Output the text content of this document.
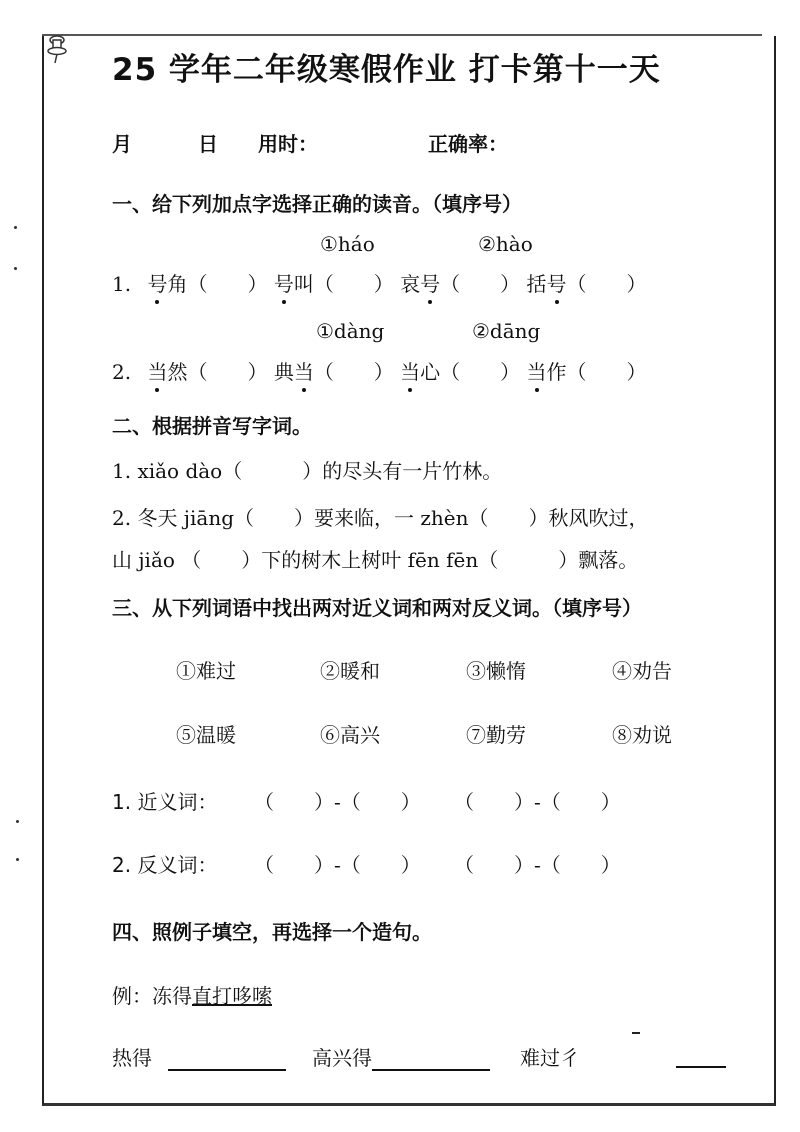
25 学年二年级寒假作业 打卡第十一天
月	日 用时：	正确率：
一、给下列加点字选择正确的读音。（填序号）
①háo	②hào
1. 号角（　　） 号叫（　　） 哀号（　　） 括号（　　）
①dàng	②dāng
2. 当然（　　） 典当（　　） 当心（　　） 当作（　　）
二、根据拼音写字词。
1. xiǎo dào（　　　）的尽头有一片竹林。
2. 冬天 jiāng（　　）要来临，一 zhèn（　　）秋风吹过，
山 jiǎo （　　）下的树木上树叶 fēn fēn（　　　）飘落。
三、从下列词语中找出两对近义词和两对反义词。（填序号）
①难过	②暖和	③懒惰	④劝告
⑤温暖	⑥高兴	⑦勤劳	⑧劝说
1. 近义词： （　　）-（　　） （　　）-（　　）
2. 反义词： （　　）-（　　） （　　）-（　　）
四、照例子填空，再选择一个造句。
例：冻得直打哆嗦
热得	高兴得	难过彳
